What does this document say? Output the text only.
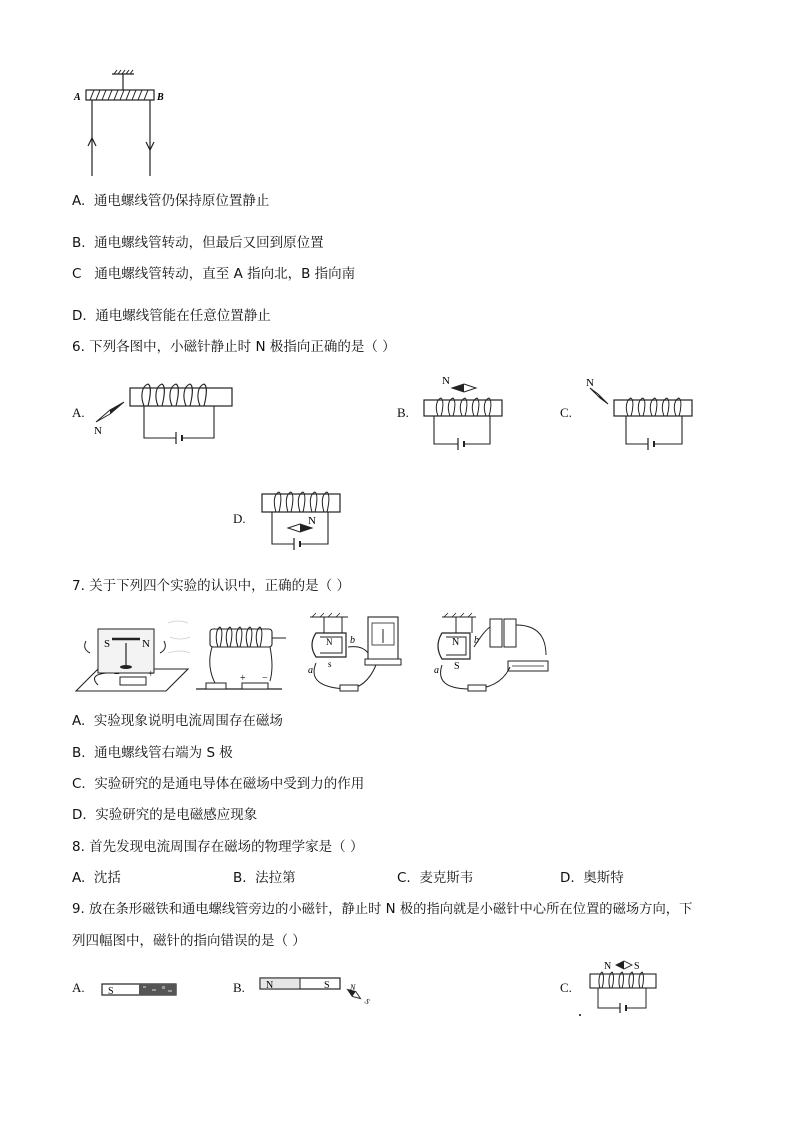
A	B
A. 通电螺线管仍保持原位置静止
B. 通电螺线管转动，但最后又回到原位置
C 通电螺线管转动，直至 A 指向北，B 指向南
D. 通电螺线管能在任意位置静止
6. 下列各图中，小磁针静止时 N 极指向正确的是（ ）
A.
N
B.
N
C.
N
D.	N
7. 关于下列四个实验的认识中，正确的是（ ）
S	N
−	+	+ −
N
s
b
a
N
S
b
a
A. 实验现象说明电流周围存在磁场
B. 通电螺线管右端为 S 极
C. 实验研究的是通电导体在磁场中受到力的作用
D. 实验研究的是电磁感应现象
8. 首先发现电流周围存在磁场的物理学家是（ ）
A. 沈括	B. 法拉第	C. 麦克斯韦	D. 奥斯特
9. 放在条形磁铁和通电螺线管旁边的小磁针，静止时 N 极的指向就是小磁针中心所在位置的磁场方向，下
列四幅图中，磁针的指向错误的是（ ）
A. S	B. N	S	N
S
C.
N S
